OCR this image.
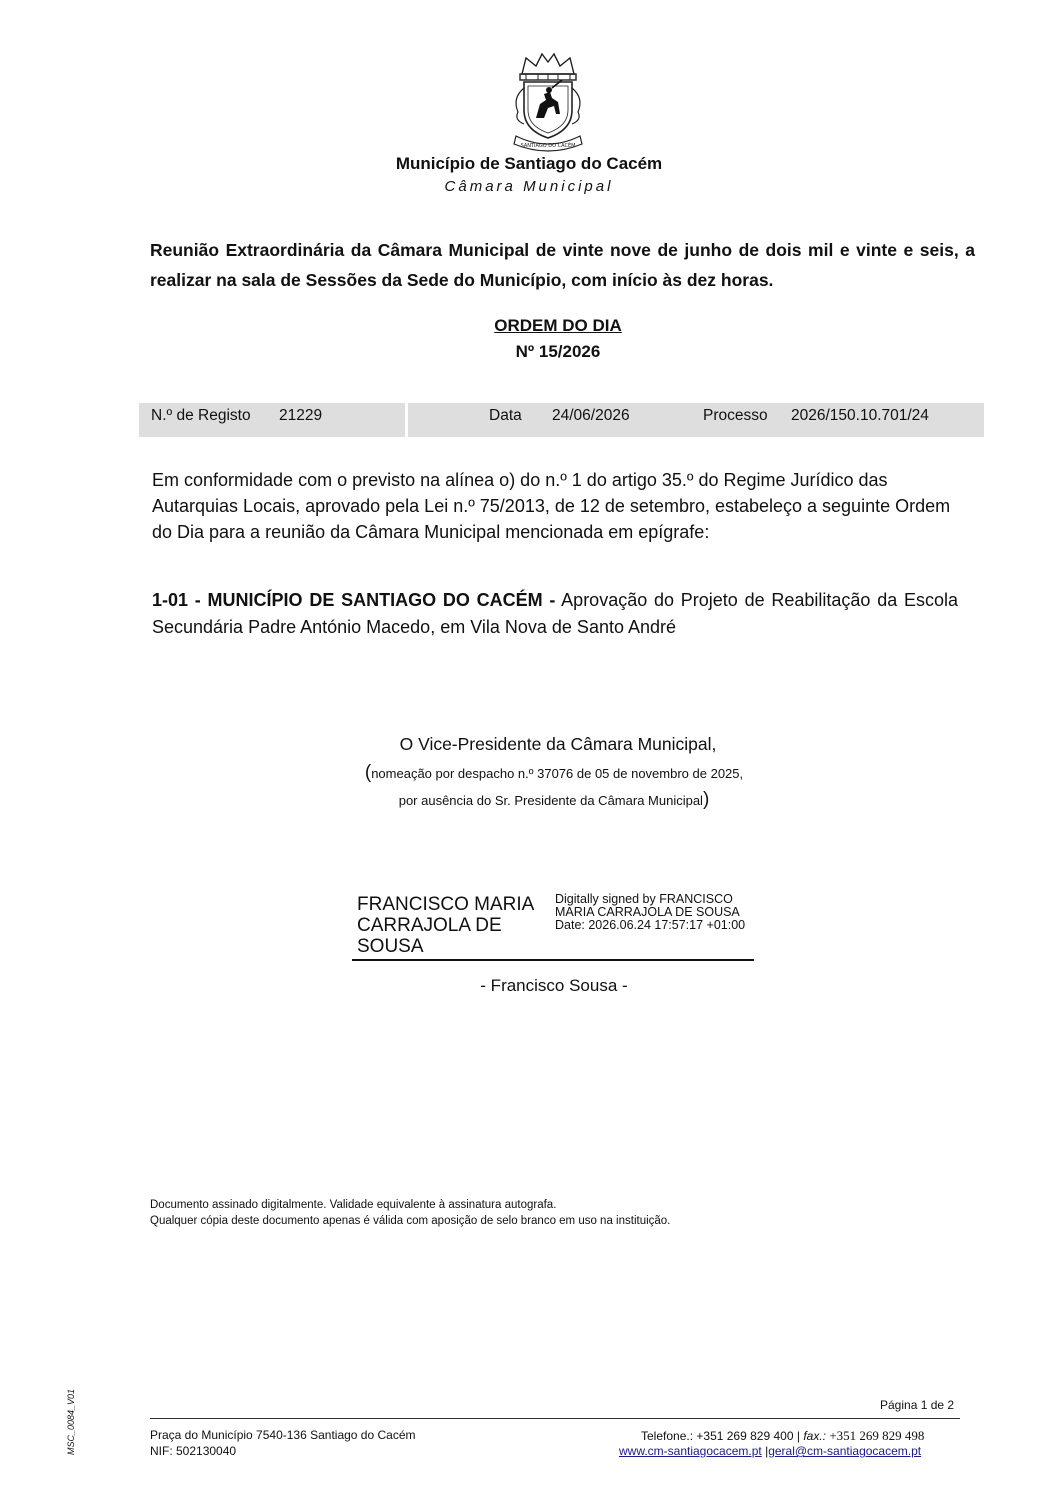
SANTIAGO DO CACÉM
Município de Santiago do Cacém
Câmara Municipal
Reunião Extraordinária da Câmara Municipal de vinte nove de junho de dois mil e vinte e seis, a realizar na sala de Sessões da Sede do Município, com início às dez horas.
ORDEM DO DIA
Nº 15/2026
N.º de Registo 21229	Data 24/06/2026	Processo 2026/150.10.701/24
Em conformidade com o previsto na alínea o) do n.º 1 do artigo 35.º do Regime Jurídico das Autarquias Locais, aprovado pela Lei n.º 75/2013, de 12 de setembro, estabeleço a seguinte Ordem do Dia para a reunião da Câmara Municipal mencionada em epígrafe:
1-01 - MUNICÍPIO DE SANTIAGO DO CACÉM - Aprovação do Projeto de Reabilitação da Escola Secundária Padre António Macedo, em Vila Nova de Santo André
O Vice-Presidente da Câmara Municipal,
(nomeação por despacho n.º 37076 de 05 de novembro de 2025,
por ausência do Sr. Presidente da Câmara Municipal)
FRANCISCO MARIA CARRAJOLA DE SOUSA
Digitally signed by FRANCISCO MARIA CARRAJOLA DE SOUSA
Date: 2026.06.24 17:57:17 +01:00
- Francisco Sousa -
Documento assinado digitalmente. Validade equivalente à assinatura autografa.
Qualquer cópia deste documento apenas é válida com aposição de selo branco em uso na instituição.
MSC_0084_V01	Página 1 de 2
Praça do Município 7540-136 Santiago do Cacém
NIF: 502130040
Telefone.: +351 269 829 400 | fax.: +351 269 829 498
www.cm-santiagocacem.pt |geral@cm-santiagocacem.pt
